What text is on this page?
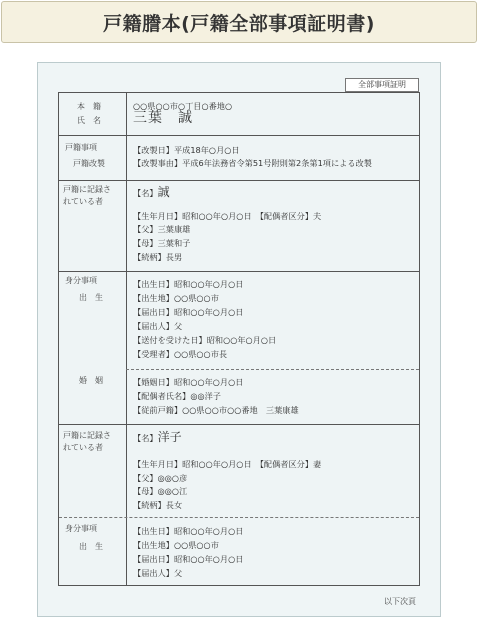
戸籍謄本(戸籍全部事項証明書)
全部事項証明
本　籍	○○県○○市○丁目○番地○
氏　名 三葉　誠
戸籍事項
戸籍改製
【改製日】平成18年○月○日
【改製事由】平成6年法務省令第51号附則第2条第1項による改製
戸籍に記録さ
れている者
【名】誠
【生年月日】昭和○○年○月○日　【配偶者区分】夫
【父】三葉康雄
【母】三葉和子
【続柄】長男
身分事項
出　生
【出生日】昭和○○年○月○日
【出生地】○○県○○市
【届出日】昭和○○年○月○日
【届出人】父
【送付を受けた日】昭和○○年○月○日
【受理者】○○県○○市長
婚　姻	【婚姻日】昭和○○年○月○日
【配偶者氏名】◎◎洋子
【従前戸籍】○○県○○市○○番地　三葉康雄
戸籍に記録さ
れている者
【名】洋子
【生年月日】昭和○○年○月○日　【配偶者区分】妻
【父】◎◎○彦
【母】◎◎○江
【続柄】長女
身分事項
出　生
【出生日】昭和○○年○月○日
【出生地】○○県○○市
【届出日】昭和○○年○月○日
【届出人】父
以下次頁
